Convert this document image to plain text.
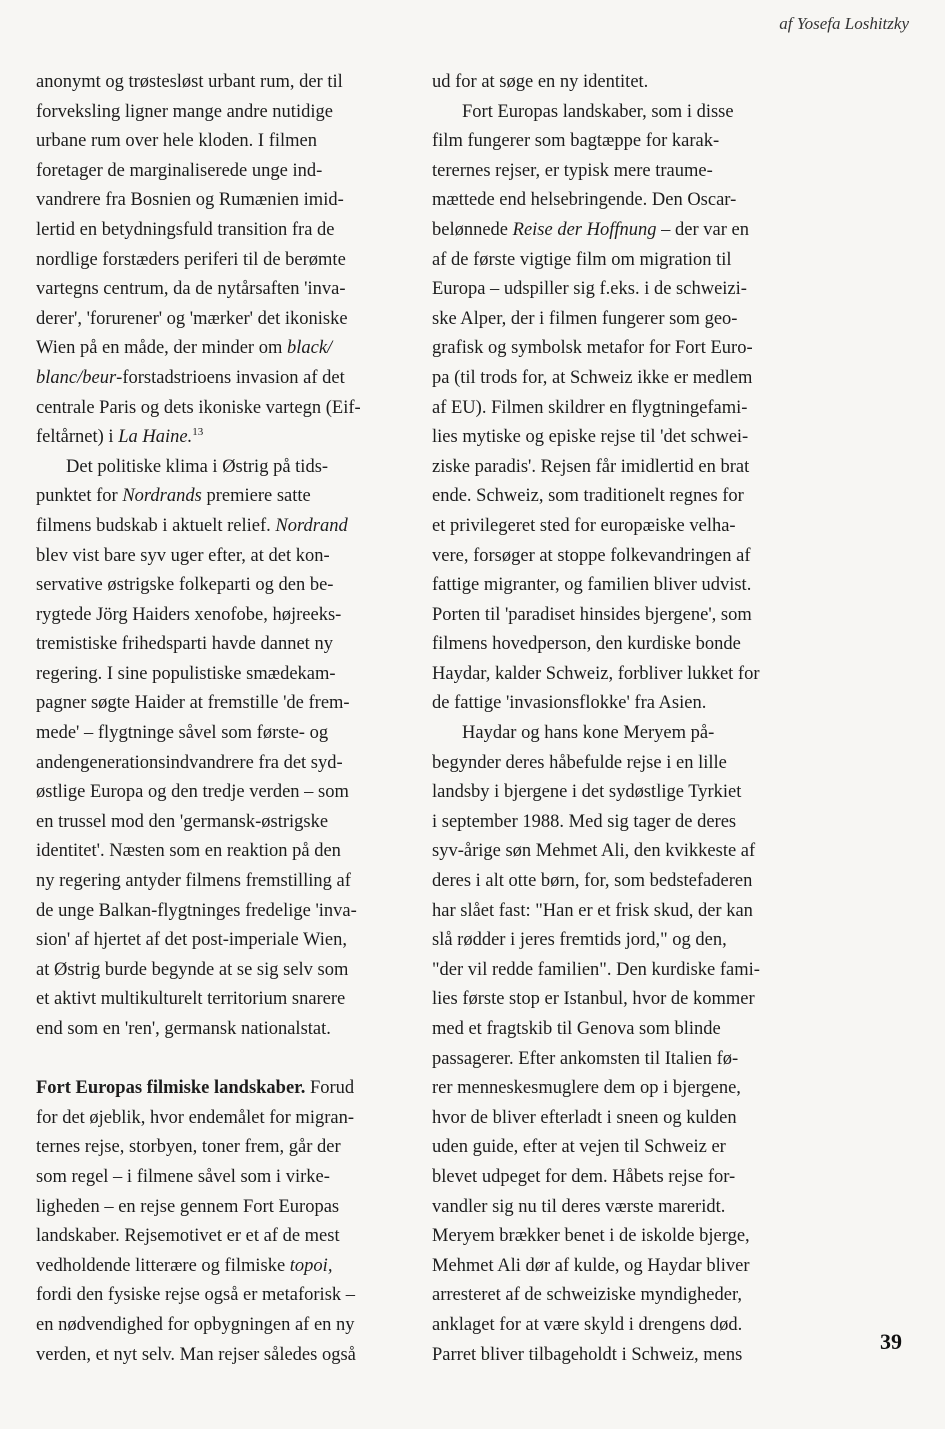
af Yosefa Loshitzky

anonymt og trøstesløst urbant rum, der til

forveksling ligner mange andre nutidige

urbane rum over hele kloden. I filmen

foretager de marginaliserede unge ind-

vandrere fra Bosnien og Rumænien imid-

lertid en betydningsfuld transition fra de

nordlige forstæders periferi til de berømte

vartegns centrum, da de nytårsaften 'inva-

derer', 'forurener' og 'mærker' det ikoniske

Wien på en måde, der minder om black/

blanc/beur-forstadstrioens invasion af det

centrale Paris og dets ikoniske vartegn (Eif-

feltårnet) i La Haine.$^{13}$

Det politiske klima i Østrig på tids-

punktet for Nordrands premiere satte

filmens budskab i aktuelt relief. Nordrand

blev vist bare syv uger efter, at det kon-

servative østrigske folkeparti og den be-

rygtede Jörg Haiders xenofobe, højreeks-

tremistiske frihedsparti havde dannet ny

regering. I sine populistiske smædekam-

pagner søgte Haider at fremstille 'de frem-

mede' – flygtninge såvel som første- og

andengenerationsindvandrere fra det syd-

østlige Europa og den tredje verden – som

en trussel mod den 'germansk-østrigske

identitet'. Næsten som en reaktion på den

ny regering antyder filmens fremstilling af

de unge Balkan-flygtninges fredelige 'inva-

sion' af hjertet af det post-imperiale Wien,

at Østrig burde begynde at se sig selv som

et aktivt multikulturelt territorium snarere

end som en 'ren', germansk nationalstat.

Fort Europas filmiske landskaber. Forud

for det øjeblik, hvor endemålet for migran-

ternes rejse, storbyen, toner frem, går der

som regel – i filmene såvel som i virke-

ligheden – en rejse gennem Fort Europas

landskaber. Rejsemotivet er et af de mest

vedholdende litterære og filmiske topoi,

fordi den fysiske rejse også er metaforisk –

en nødvendighed for opbygningen af en ny

verden, et nyt selv. Man rejser således også

ud for at søge en ny identitet.

Fort Europas landskaber, som i disse

film fungerer som bagtæppe for karak-

terernes rejser, er typisk mere traume-

mættede end helsebringende. Den Oscar-

belønnede Reise der Hoffnung – der var en

af de første vigtige film om migration til

Europa – udspiller sig f.eks. i de schweizi-

ske Alper, der i filmen fungerer som geo-

grafisk og symbolsk metafor for Fort Euro-

pa (til trods for, at Schweiz ikke er medlem

af EU). Filmen skildrer en flygtningefami-

lies mytiske og episke rejse til 'det schwei-

ziske paradis'. Rejsen får imidlertid en brat

ende. Schweiz, som traditionelt regnes for

et privilegeret sted for europæiske velha-

vere, forsøger at stoppe folkevandringen af

fattige migranter, og familien bliver udvist.

Porten til 'paradiset hinsides bjergene', som

filmens hovedperson, den kurdiske bonde

Haydar, kalder Schweiz, forbliver lukket for

de fattige 'invasionsflokke' fra Asien.

Haydar og hans kone Meryem på-

begynder deres håbefulde rejse i en lille

landsby i bjergene i det sydøstlige Tyrkiet

i september 1988. Med sig tager de deres

syv-årige søn Mehmet Ali, den kvikkeste af

deres i alt otte børn, for, som bedstefaderen

har slået fast: "Han er et frisk skud, der kan

slå rødder i jeres fremtids jord," og den,

"der vil redde familien". Den kurdiske fami-

lies første stop er Istanbul, hvor de kommer

med et fragtskib til Genova som blinde

passagerer. Efter ankomsten til Italien fø-

rer menneskesmuglere dem op i bjergene,

hvor de bliver efterladt i sneen og kulden

uden guide, efter at vejen til Schweiz er

blevet udpeget for dem. Håbets rejse for-

vandler sig nu til deres værste mareridt.

Meryem brækker benet i de iskolde bjerge,

Mehmet Ali dør af kulde, og Haydar bliver

arresteret af de schweiziske myndigheder,

anklaget for at være skyld i drengens død.

Parret bliver tilbageholdt i Schweiz, mens

39
